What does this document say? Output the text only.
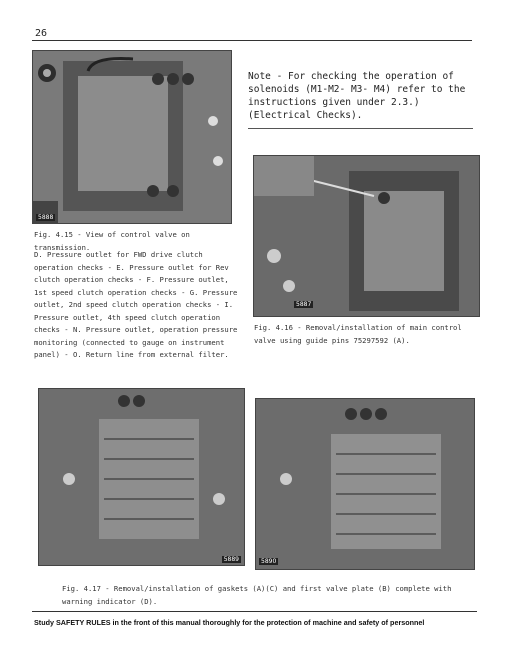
26
5888
Note - For checking the operation of solenoids (M1-M2- M3- M4) refer to the instructions given under 2.3.) (Electrical Checks).
5887
Fig. 4.15 - View of control valve on transmission.
D. Pressure outlet for FWD drive clutch operation checks - E. Pressure outlet for Rev clutch operation checks - F. Pressure outlet, 1st speed clutch operation checks - G. Pressure outlet, 2nd speed clutch operation checks - I. Pressure outlet, 4th speed clutch operation checks - N. Pressure outlet, operation pressure monitoring (connected to gauge on instrument panel) - O. Return line from external filter.
Fig. 4.16 - Removal/installation of main control valve using guide pins 75297592 (A).
5889	5890
Fig. 4.17 - Removal/installation of gaskets (A)(C) and first valve plate (B) complete with warning indicator (D).
Study SAFETY RULES in the front of this manual thoroughly for the protection of machine and safety of personnel
